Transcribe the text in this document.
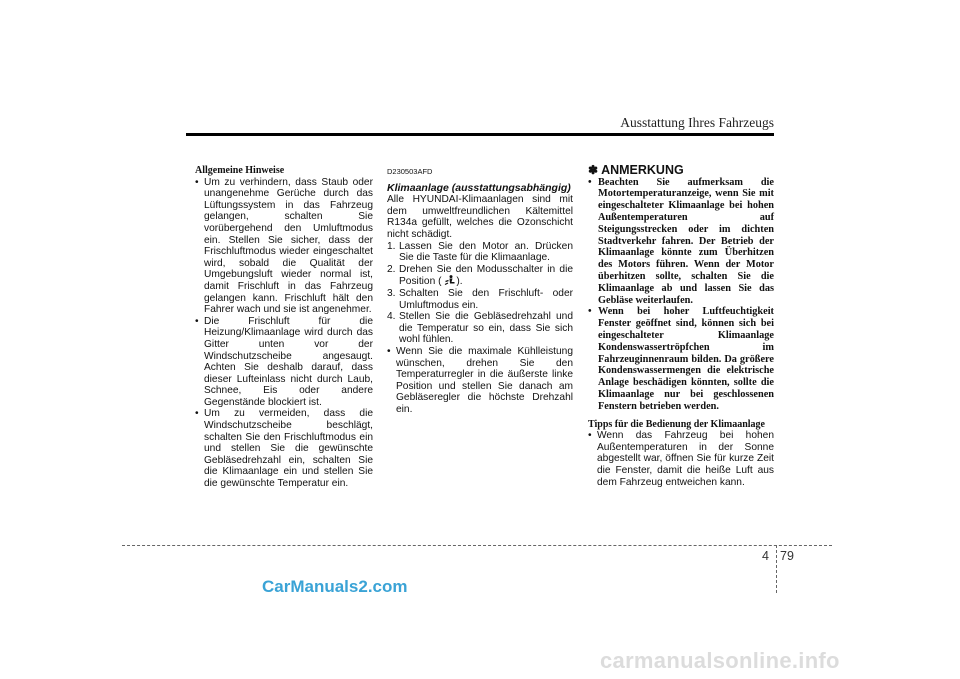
Ausstattung Ihres Fahrzeugs
Allgemeine Hinweise
• Um zu verhindern, dass Staub oder unangenehme Gerüche durch das Lüftungssystem in das Fahrzeug gelangen, schalten Sie vorübergehend den Umluftmodus ein. Stellen Sie sicher, dass der Frischluftmodus wieder eingeschaltet wird, sobald die Qualität der Umgebungsluft wieder normal ist, damit Frischluft in das Fahrzeug gelangen kann. Frischluft hält den Fahrer wach und sie ist angenehmer.
• Die Frischluft für die Heizung/Klimaanlage wird durch das Gitter unten vor der Windschutzscheibe angesaugt. Achten Sie deshalb darauf, dass dieser Lufteinlass nicht durch Laub, Schnee, Eis oder andere Gegenstände blockiert ist.
• Um zu vermeiden, dass die Windschutzscheibe beschlägt, schalten Sie den Frischluftmodus ein und stellen Sie die gewünschte Gebläsedrehzahl ein, schalten Sie die Klimaanlage ein und stellen Sie die gewünschte Temperatur ein.
D230503AFD
Klimaanlage (ausstattungsabhängig)
Alle HYUNDAI-Klimaanlagen sind mit dem umweltfreundlichen Kältemittel R134a gefüllt, welches die Ozonschicht nicht schädigt.
1. Lassen Sie den Motor an. Drücken Sie die Taste für die Klimaanlage.
2. Drehen Sie den Modusschalter in die Position ( ).
3. Schalten Sie den Frischluft- oder Umluftmodus ein.
4. Stellen Sie die Gebläsedrehzahl und die Temperatur so ein, dass Sie sich wohl fühlen.
• Wenn Sie die maximale Kühlleistung wünschen, drehen Sie den Temperaturregler in die äußerste linke Position und stellen Sie danach am Gebläseregler die höchste Drehzahl ein.
✽ ANMERKUNG
• Beachten Sie aufmerksam die Motortemperaturanzeige, wenn Sie mit eingeschalteter Klimaanlage bei hohen Außentemperaturen auf Steigungsstrecken oder im dichten Stadtverkehr fahren. Der Betrieb der Klimaanlage könnte zum Überhitzen des Motors führen. Wenn der Motor überhitzen sollte, schalten Sie die Klimaanlage ab und lassen Sie das Gebläse weiterlaufen.
• Wenn bei hoher Luftfeuchtigkeit Fenster geöffnet sind, können sich bei eingeschalteter Klimaanlage Kondenswassertröpfchen im Fahrzeuginnenraum bilden. Da größere Kondenswassermengen die elektrische Anlage beschädigen könnten, sollte die Klimaanlage nur bei geschlossenen Fenstern betrieben werden.
Tipps für die Bedienung der Klimaanlage
• Wenn das Fahrzeug bei hohen Außentemperaturen in der Sonne abgestellt war, öffnen Sie für kurze Zeit die Fenster, damit die heiße Luft aus dem Fahrzeug entweichen kann.
4 79
CarManuals2.com
carmanualsonline.info
